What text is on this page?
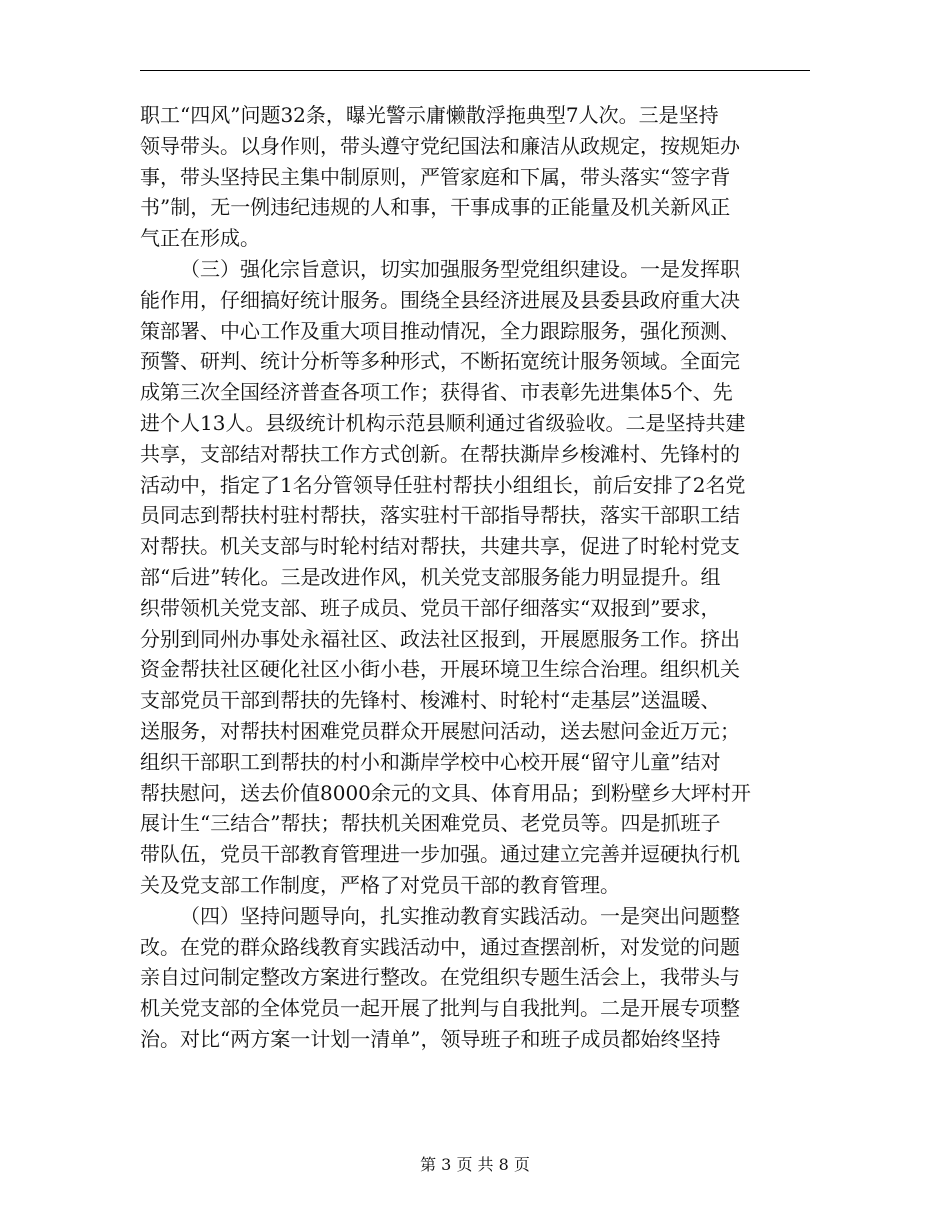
职工“四风”问题32条，曝光警示庸懒散浮拖典型7人次。三是坚持
领导带头。以身作则，带头遵守党纪国法和廉洁从政规定，按规矩办
事，带头坚持民主集中制原则，严管家庭和下属，带头落实“签字背
书”制，无一例违纪违规的人和事，干事成事的正能量及机关新风正
气正在形成。
（三）强化宗旨意识，切实加强服务型党组织建设。一是发挥职
能作用，仔细搞好统计服务。围绕全县经济进展及县委县政府重大决
策部署、中心工作及重大项目推动情况，全力跟踪服务，强化预测、
预警、研判、统计分析等多种形式，不断拓宽统计服务领域。全面完
成第三次全国经济普查各项工作；获得省、市表彰先进集体5个、先
进个人13人。县级统计机构示范县顺利通过省级验收。二是坚持共建
共享，支部结对帮扶工作方式创新。在帮扶澌岸乡梭滩村、先锋村的
活动中，指定了1名分管领导任驻村帮扶小组组长，前后安排了2名党
员同志到帮扶村驻村帮扶，落实驻村干部指导帮扶，落实干部职工结
对帮扶。机关支部与时轮村结对帮扶，共建共享，促进了时轮村党支
部“后进”转化。三是改进作风，机关党支部服务能力明显提升。组
织带领机关党支部、班子成员、党员干部仔细落实“双报到”要求，
分别到同州办事处永福社区、政法社区报到，开展愿服务工作。挤出
资金帮扶社区硬化社区小街小巷，开展环境卫生综合治理。组织机关
支部党员干部到帮扶的先锋村、梭滩村、时轮村“走基层”送温暖、
送服务，对帮扶村困难党员群众开展慰问活动，送去慰问金近万元；
组织干部职工到帮扶的村小和澌岸学校中心校开展“留守儿童”结对
帮扶慰问，送去价值8000余元的文具、体育用品；到粉壁乡大坪村开
展计生“三结合”帮扶；帮扶机关困难党员、老党员等。四是抓班子
带队伍，党员干部教育管理进一步加强。通过建立完善并逗硬执行机
关及党支部工作制度，严格了对党员干部的教育管理。
（四）坚持问题导向，扎实推动教育实践活动。一是突出问题整
改。在党的群众路线教育实践活动中，通过查摆剖析，对发觉的问题
亲自过问制定整改方案进行整改。在党组织专题生活会上，我带头与
机关党支部的全体党员一起开展了批判与自我批判。二是开展专项整
治。对比“两方案一计划一清单”，领导班子和班子成员都始终坚持
第 3 页 共 8 页
